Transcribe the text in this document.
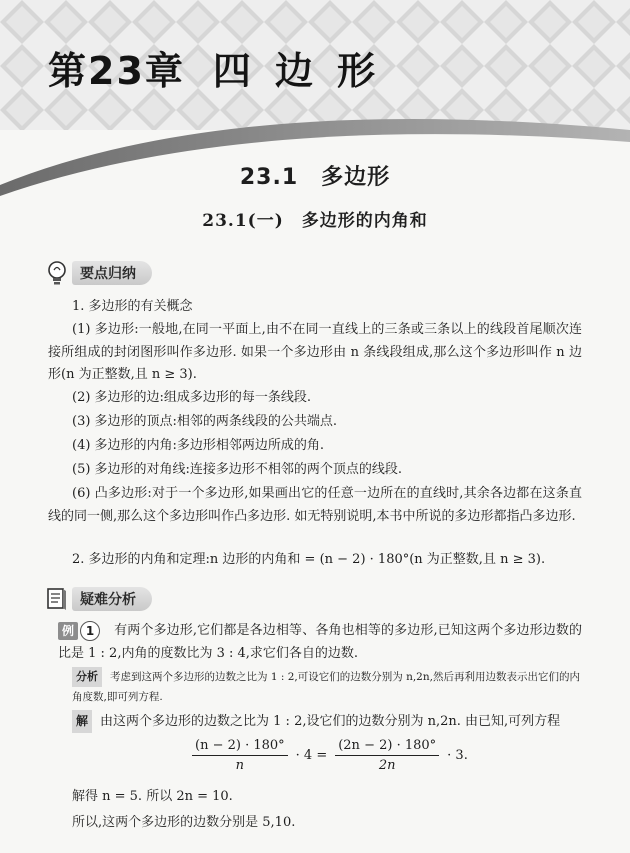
第23章 四 边 形
23.1　多边形
23.1(一)　多边形的内角和
要点归纳
1. 多边形的有关概念
(1) 多边形:一般地,在同一平面上,由不在同一直线上的三条或三条以上的线段首尾顺次连接所组成的封闭图形叫作多边形. 如果一个多边形由 n 条线段组成,那么这个多边形叫作 n 边形(n 为正整数,且 n ≥ 3).
(2) 多边形的边:组成多边形的每一条线段.
(3) 多边形的顶点:相邻的两条线段的公共端点.
(4) 多边形的内角:多边形相邻两边所成的角.
(5) 多边形的对角线:连接多边形不相邻的两个顶点的线段.
(6) 凸多边形:对于一个多边形,如果画出它的任意一边所在的直线时,其余各边都在这条直线的同一侧,那么这个多边形叫作凸多边形. 如无特别说明,本书中所说的多边形都指凸多边形.
2. 多边形的内角和定理:n 边形的内角和 = (n − 2) · 180°(n 为正整数,且 n ≥ 3).
疑难分析
例 1	有两个多边形,它们都是各边相等、各角也相等的多边形,已知这两个多边形边数的比是 1 : 2,内角的度数比为 3 : 4,求它们各自的边数.
分析 考虑到这两个多边形的边数之比为 1 : 2,可设它们的边数分别为 n,2n,然后再利用边数表示出它们的内角度数,即可列方程.
解 由这两个多边形的边数之比为 1 : 2,设它们的边数分别为 n,2n. 由已知,可列方程
$\frac{(n - 2) \cdot 180^\circ}{n} \cdot 4 = \frac{(2n - 2) \cdot 180^\circ}{2n} \cdot 3$.
解得 n = 5. 所以 2n = 10.
所以,这两个多边形的边数分别是 5,10.
